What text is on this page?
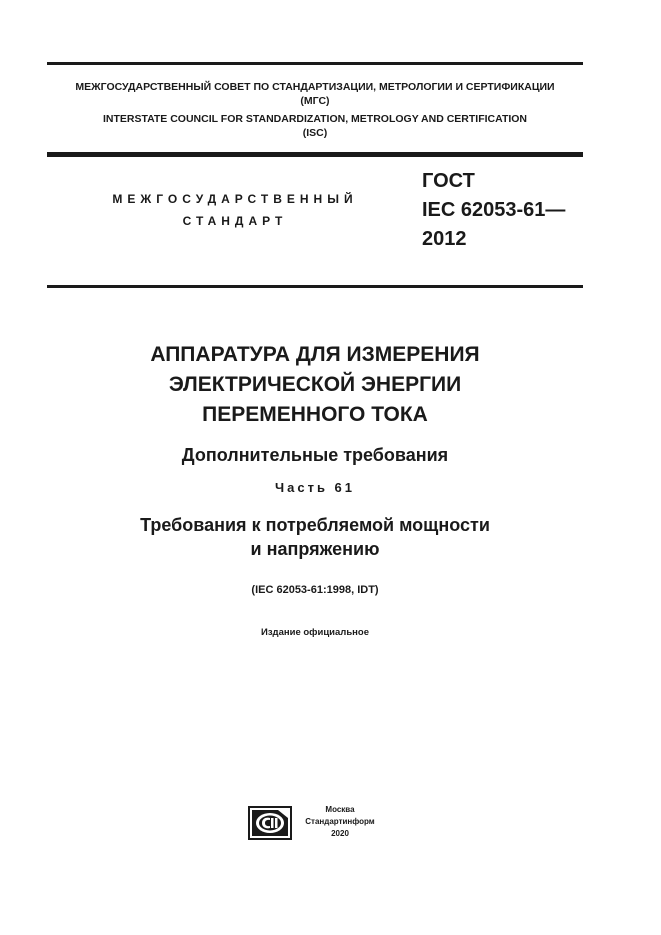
МЕЖГОСУДАРСТВЕННЫЙ СОВЕТ ПО СТАНДАРТИЗАЦИИ, МЕТРОЛОГИИ И СЕРТИФИКАЦИИ
(МГС)
INTERSTATE COUNCIL FOR STANDARDIZATION, METROLOGY AND CERTIFICATION
(ISC)
МЕЖГОСУДАРСТВЕННЫЙ
СТАНДАРТ
ГОСТ
IEC 62053-61—
2012
АППАРАТУРА ДЛЯ ИЗМЕРЕНИЯ
ЭЛЕКТРИЧЕСКОЙ ЭНЕРГИИ
ПЕРЕМЕННОГО ТОКА
Дополнительные требования
Часть 61
Требования к потребляемой мощности
и напряжению
(IEC 62053-61:1998, IDT)
Издание официальное
Москва
Стандартинформ
2020
